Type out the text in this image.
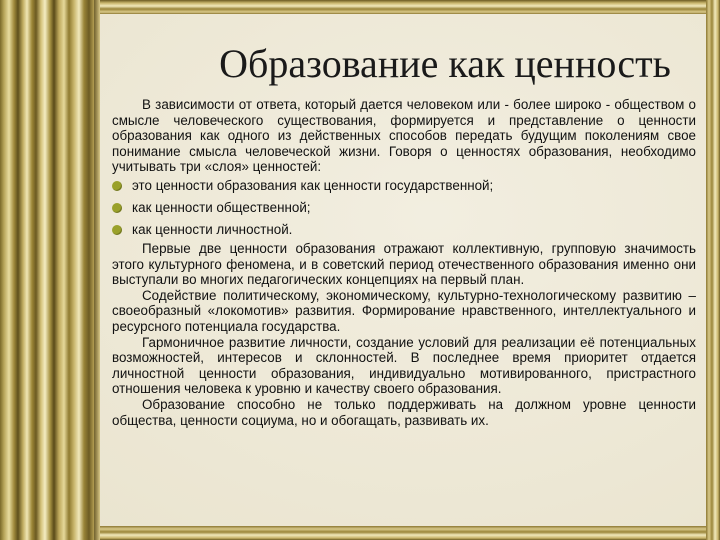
Образование как ценность

В зависимости от ответа, который дается человеком или - более широко - обществом о смысле человеческого существования, формируется и представление о ценности образования как одного из действенных способов передать будущим поколениям свое понимание смысла человеческой жизни. Говоря о ценностях образования, необходимо учитывать три «слоя» ценностей:

это ценности образования как ценности государственной;
как ценности общественной;
как ценности личностной.

Первые две ценности образования отражают коллективную, групповую значимость этого культурного феномена, и в советский период отечественного образования именно они выступали во многих педагогических концепциях на первый план.

Содействие политическому, экономическому, культурно-технологическому развитию – своеобразный «локомотив» развития. Формирование нравственного, интеллектуального и ресурсного потенциала государства.

Гармоничное развитие личности, создание условий для реализации её потенциальных возможностей, интересов и склонностей. В последнее время приоритет отдается личностной ценности образования, индивидуально мотивированного, пристрастного отношения человека к уровню и качеству своего образования.

Образование способно не только поддерживать на должном уровне ценности общества, ценности социума, но и обогащать, развивать их.
